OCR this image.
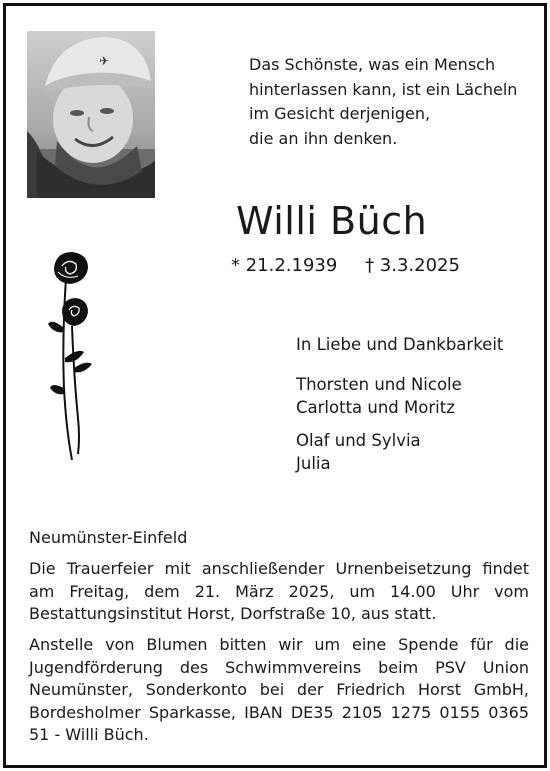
✈	Das Schönste, was ein Mensch
hinterlassen kann, ist ein Lächeln
im Gesicht derjenigen,
die an ihn denken.

Willi Büch
* 21.2.1939 † 3.3.2025
In Liebe und Dankbarkeit
Thorsten und Nicole
Carlotta und Moritz
Olaf und Sylvia
Julia
Neumünster-Einfeld

Die Trauerfeier mit anschließender Urnenbeisetzung findet am Freitag, dem 21. März 2025, um 14.00 Uhr vom Bestattungsinstitut Horst, Dorfstraße 10, aus statt.

Anstelle von Blumen bitten wir um eine Spende für die Jugendförderung des Schwimmvereins beim PSV Union Neumünster, Sonderkonto bei der Friedrich Horst GmbH, Bordesholmer Sparkasse, IBAN DE35 2105 1275 0155 0365 51 - Willi Büch.
